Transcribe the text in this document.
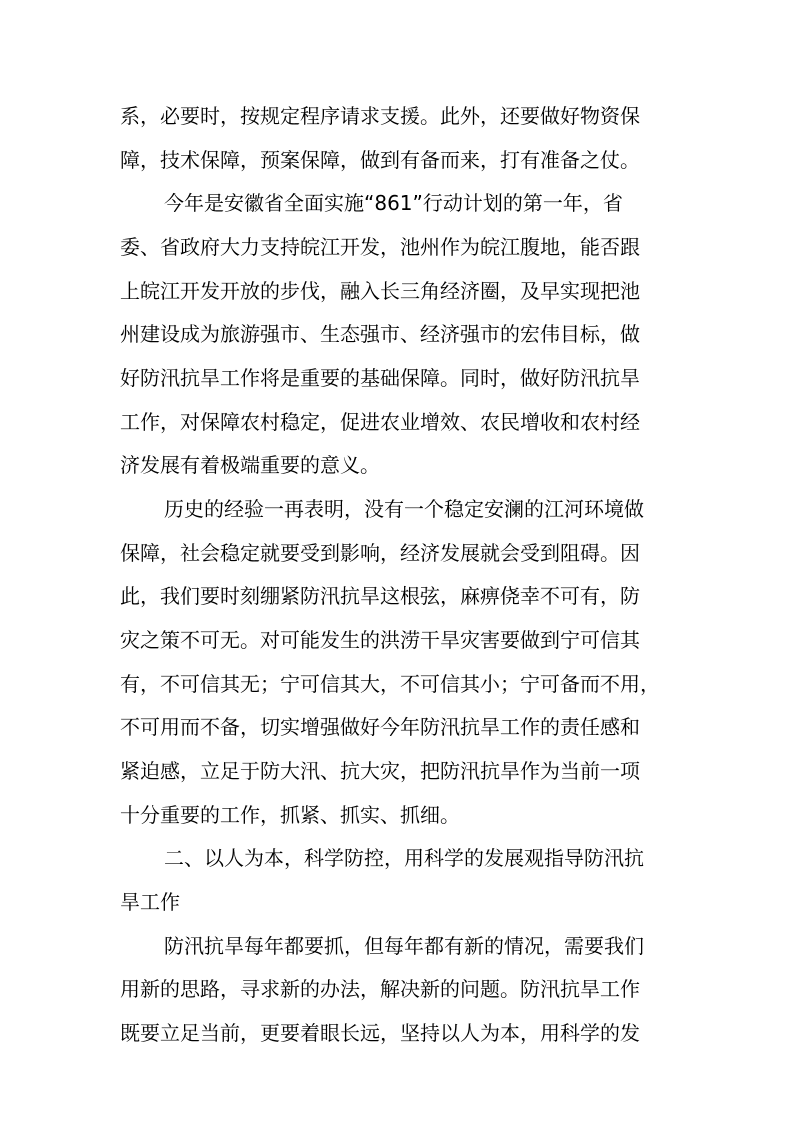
系，必要时，按规定程序请求支援。此外，还要做好物资保
障，技术保障，预案保障，做到有备而来，打有准备之仗。
今年是安徽省全面实施“861”行动计划的第一年，省
委、省政府大力支持皖江开发，池州作为皖江腹地，能否跟
上皖江开发开放的步伐，融入长三角经济圈，及早实现把池
州建设成为旅游强市、生态强市、经济强市的宏伟目标，做
好防汛抗旱工作将是重要的基础保障。同时，做好防汛抗旱
工作，对保障农村稳定，促进农业增效、农民增收和农村经
济发展有着极端重要的意义。
历史的经验一再表明，没有一个稳定安澜的江河环境做
保障，社会稳定就要受到影响，经济发展就会受到阻碍。因
此，我们要时刻绷紧防汛抗旱这根弦，麻痹侥幸不可有，防
灾之策不可无。对可能发生的洪涝干旱灾害要做到宁可信其
有，不可信其无；宁可信其大，不可信其小；宁可备而不用，
不可用而不备，切实增强做好今年防汛抗旱工作的责任感和
紧迫感，立足于防大汛、抗大灾，把防汛抗旱作为当前一项
十分重要的工作，抓紧、抓实、抓细。
二、以人为本，科学防控，用科学的发展观指导防汛抗
旱工作
防汛抗旱每年都要抓，但每年都有新的情况，需要我们
用新的思路，寻求新的办法，解决新的问题。防汛抗旱工作
既要立足当前，更要着眼长远，坚持以人为本，用科学的发
